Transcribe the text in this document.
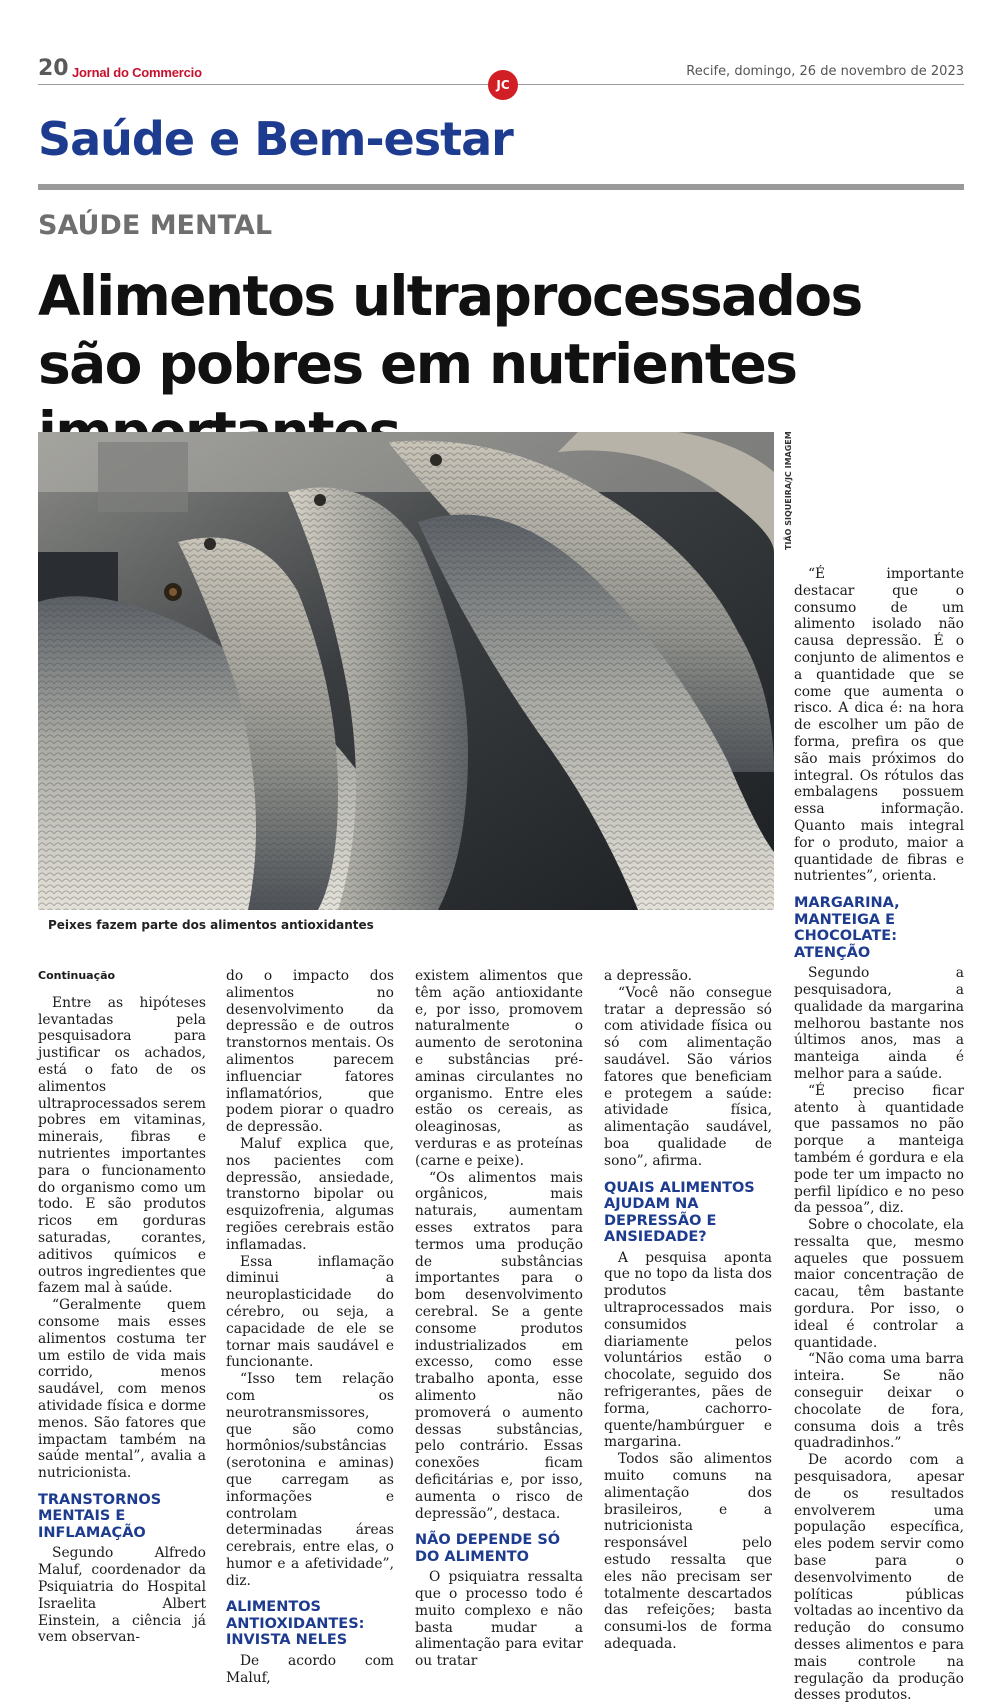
20 Jornal do Commercio	Recife, domingo, 26 de novembro de 2023
JC
Saúde e Bem-estar
SAÚDE MENTAL
Alimentos ultraprocessados são pobres em nutrientes
TIÃO SIQUEIRA/JC IMAGEM
Peixes fazem parte dos alimentos antioxidantes

Continuação

Entre as hipóteses levantadas pela pesquisadora para justificar os achados, está o fato de os alimentos ultraprocessados serem pobres em vitaminas, minerais, fibras e nutrientes importantes para o funcionamento do organismo como um todo. E são produtos ricos em gorduras saturadas, corantes, aditivos químicos e outros ingredientes que fazem mal à saúde.

“Geralmente quem consome mais esses alimentos costuma ter um estilo de vida mais corrido, menos saudável, com menos atividade física e dorme menos. São fatores que impactam também na saúde mental”, avalia a nutricionista.

TRANSTORNOS MENTAIS E INFLAMAÇÃO

Segundo Alfredo Maluf, coordenador da Psiquiatria do Hospital Israelita Albert Einstein, a ciência já vem observan-

do o impacto dos alimentos no desenvolvimento da depressão e de outros transtornos mentais. Os alimentos parecem influenciar fatores inflamatórios, que podem piorar o quadro de depressão.

Maluf explica que, nos pacientes com depressão, ansiedade, transtorno bipolar ou esquizofrenia, algumas regiões cerebrais estão inflamadas.

Essa inflamação diminui a neuroplasticidade do cérebro, ou seja, a capacidade de ele se tornar mais saudável e funcionante.

“Isso tem relação com os neurotransmissores, que são como hormônios/substâncias (serotonina e aminas) que carregam as informações e controlam determinadas áreas cerebrais, entre elas, o humor e a afetividade”, diz.

ALIMENTOS ANTIOXIDANTES: INVISTA NELES

De acordo com Maluf,

existem alimentos que têm ação antioxidante e, por isso, promovem naturalmente o aumento de serotonina e substâncias pré-aminas circulantes no organismo. Entre eles estão os cereais, as oleaginosas, as verduras e as proteínas (carne e peixe).

“Os alimentos mais orgânicos, mais naturais, aumentam esses extratos para termos uma produção de substâncias importantes para o bom desenvolvimento cerebral. Se a gente consome produtos industrializados em excesso, como esse trabalho aponta, esse alimento não promoverá o aumento dessas substâncias, pelo contrário. Essas conexões ficam deficitárias e, por isso, aumenta o risco de depressão”, destaca.

NÃO DEPENDE SÓ DO ALIMENTO

O psiquiatra ressalta que o processo todo é muito complexo e não basta mudar a alimentação para evitar ou tratar

a depressão.

“Você não consegue tratar a depressão só com atividade física ou só com alimentação saudável. São vários fatores que beneficiam e protegem a saúde: atividade física, alimentação saudável, boa qualidade de sono”, afirma.

QUAIS ALIMENTOS AJUDAM NA DEPRESSÃO E ANSIEDADE?

A pesquisa aponta que no topo da lista dos produtos ultraprocessados mais consumidos diariamente pelos voluntários estão o chocolate, seguido dos refrigerantes, pães de forma, cachorro-quente/hambúrguer e margarina.

Todos são alimentos muito comuns na alimentação dos brasileiros, e a nutricionista responsável pelo estudo ressalta que eles não precisam ser totalmente descartados das refeições; basta consumi-los de forma adequada.

“É importante destacar que o consumo de um alimento isolado não causa depressão. É o conjunto de alimentos e a quantidade que se come que aumenta o risco. A dica é: na hora de escolher um pão de forma, prefira os que são mais próximos do integral. Os rótulos das embalagens possuem essa informação. Quanto mais integral for o produto, maior a quantidade de fibras e nutrientes”, orienta.

MARGARINA, MANTEIGA E CHOCOLATE: ATENÇÃO

Segundo a pesquisadora, a qualidade da margarina melhorou bastante nos últimos anos, mas a manteiga ainda é melhor para a saúde.

“É preciso ficar atento à quantidade que passamos no pão porque a manteiga também é gordura e ela pode ter um impacto no perfil lipídico e no peso da pessoa”, diz.

Sobre o chocolate, ela ressalta que, mesmo aqueles que possuem maior concentração de cacau, têm bastante gordura. Por isso, o ideal é controlar a quantidade.

“Não coma uma barra inteira. Se não conseguir deixar o chocolate de fora, consuma dois a três quadradinhos.”

De acordo com a pesquisadora, apesar de os resultados envolverem uma população específica, eles podem servir como base para o desenvolvimento de políticas públicas voltadas ao incentivo da redução do consumo desses alimentos e para mais controle na regulação da produção desses produtos.
